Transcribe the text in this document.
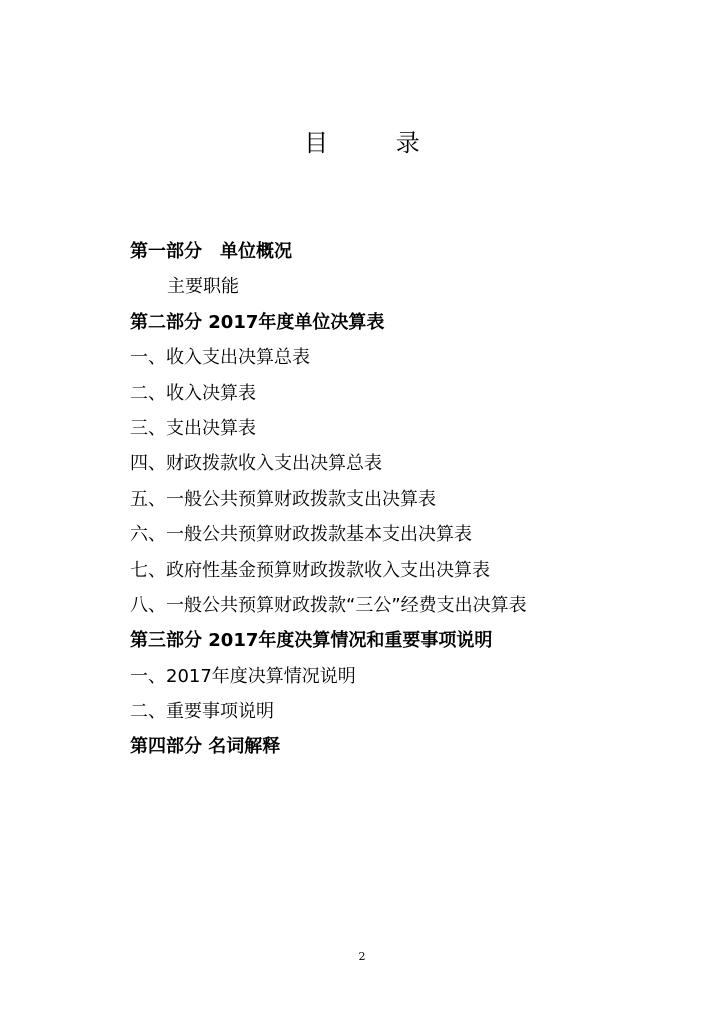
目 录
第一部分　单位概况
主要职能
第二部分 2017年度单位决算表
一、收入支出决算总表
二、收入决算表
三、支出决算表
四、财政拨款收入支出决算总表
五、一般公共预算财政拨款支出决算表
六、一般公共预算财政拨款基本支出决算表
七、政府性基金预算财政拨款收入支出决算表
八、一般公共预算财政拨款“三公”经费支出决算表
第三部分 2017年度决算情况和重要事项说明
一、2017年度决算情况说明
二、重要事项说明
第四部分 名词解释
2
